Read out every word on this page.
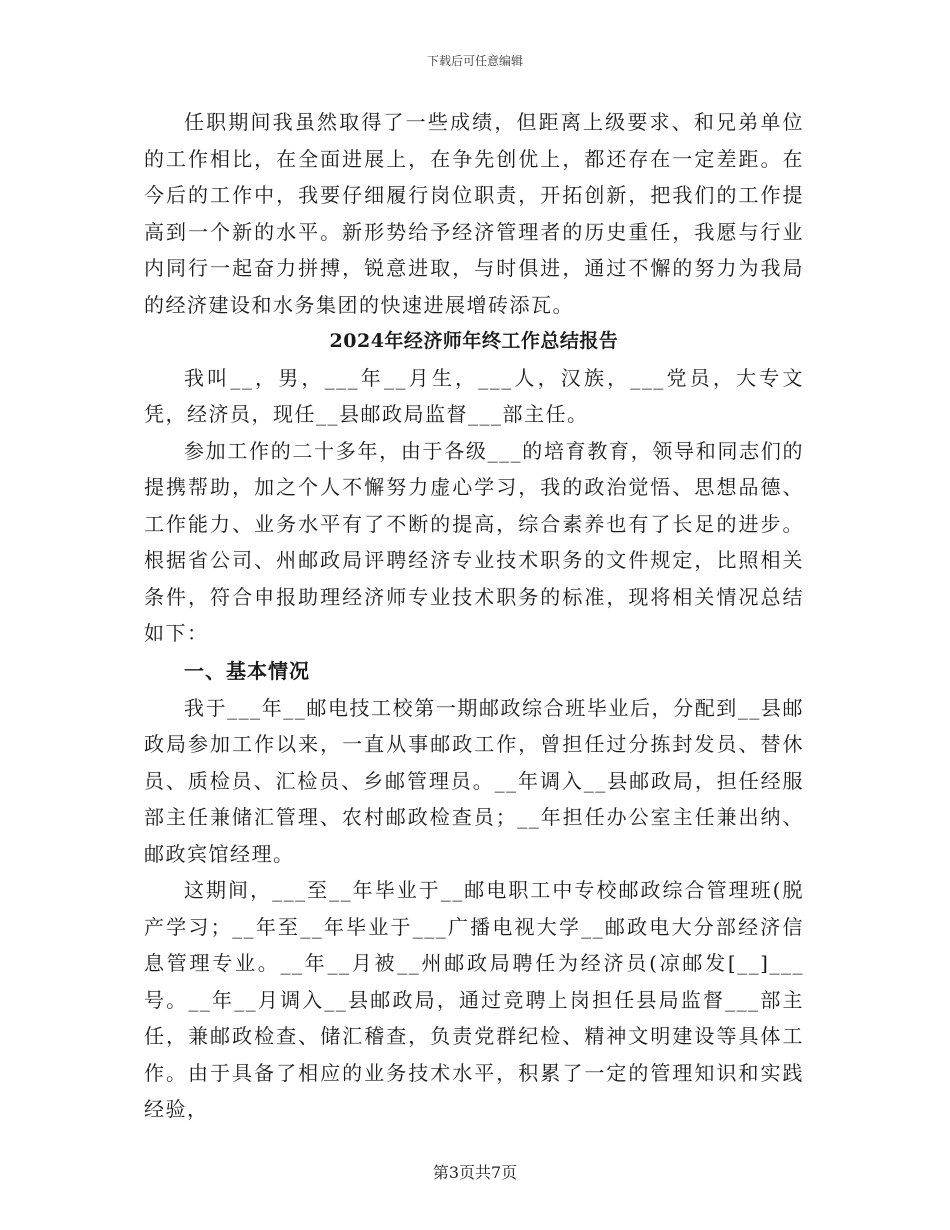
下载后可任意编辑

任职期间我虽然取得了一些成绩，但距离上级要求、和兄弟单位的工作相比，在全面进展上，在争先创优上，都还存在一定差距。在今后的工作中，我要仔细履行岗位职责，开拓创新，把我们的工作提高到一个新的水平。新形势给予经济管理者的历史重任，我愿与行业内同行一起奋力拼搏，锐意进取，与时俱进，通过不懈的努力为我局的经济建设和水务集团的快速进展增砖添瓦。

2024年经济师年终工作总结报告

我叫__，男，___年__月生，___人，汉族，___党员，大专文凭，经济员，现任__县邮政局监督___部主任。

参加工作的二十多年，由于各级___的培育教育，领导和同志们的提携帮助，加之个人不懈努力虚心学习，我的政治觉悟、思想品德、工作能力、业务水平有了不断的提高，综合素养也有了长足的进步。根据省公司、州邮政局评聘经济专业技术职务的文件规定，比照相关条件，符合申报助理经济师专业技术职务的标准，现将相关情况总结如下：

一、基本情况

我于___年__邮电技工校第一期邮政综合班毕业后，分配到__县邮政局参加工作以来，一直从事邮政工作，曾担任过分拣封发员、替休员、质检员、汇检员、乡邮管理员。__年调入__县邮政局，担任经服部主任兼储汇管理、农村邮政检查员；__年担任办公室主任兼出纳、邮政宾馆经理。

这期间，___至__年毕业于__邮电职工中专校邮政综合管理班(脱产学习；__年至__年毕业于___广播电视大学__邮政电大分部经济信息管理专业。__年__月被__州邮政局聘任为经济员(凉邮发[__]___号。__年__月调入__县邮政局，通过竞聘上岗担任县局监督___部主任，兼邮政检查、储汇稽查，负责党群纪检、精神文明建设等具体工作。由于具备了相应的业务技术水平，积累了一定的管理知识和实践经验，

第3页共7页
